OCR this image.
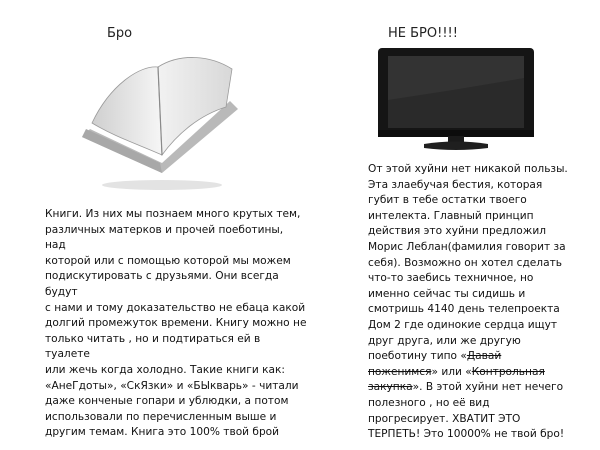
Бро	НЕ БРО!!!!
Книги. Из них мы познаем много крутых тем,
различных матерков и прочей поеботины, над
которой или с помощью которой мы можем
подискутировать с друзьями. Они всегда будут
с нами и тому доказательство не ебаца какой
долгий промежуток времени. Книгу можно не
только читать , но и подтираться ей в туалете
или жечь когда холодно. Такие книги как:
«АнеГдоты», «СкЯзки» и «БЫкварь» - читали
даже конченые гопари и ублюдки, а потом
использовали по перечисленным выше и
другим темам. Книга это 100% твой брой
От этой хуйни нет никакой пользы.
Эта злаебучая бестия, которая
губит в тебе остатки твоего
интелекта. Главный принцип
действия это хуйни предложил
Морис Леблан(фамилия говорит за
себя). Возможно он хотел сделать
что-то заебись техничное, но
именно сейчас ты сидишь и
смотришь 4140 день телепроекта
Дом 2 где одинокие сердца ищут
друг друга, или же другую
поеботину типо «Давай
поженимся» или «Контрольная
закупка». В этой хуйни нет нечего
полезного , но её вид
прогресирует. ХВАТИТ ЭТО
ТЕРПЕТЬ! Это 10000% не твой бро!
